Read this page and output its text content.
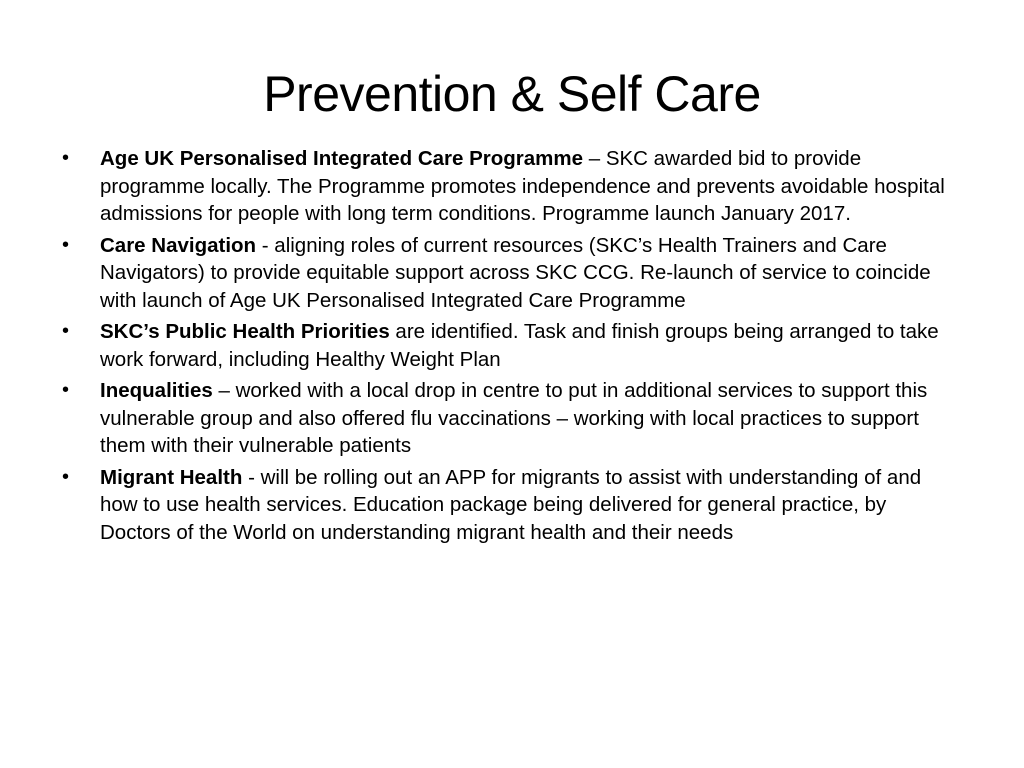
Prevention & Self Care
•	Age UK Personalised Integrated Care Programme – SKC awarded bid to provide programme locally. The Programme promotes independence and prevents avoidable hospital admissions for people with long term conditions. Programme launch January 2017.
•	Care Navigation - aligning roles of current resources (SKC’s Health Trainers and Care Navigators) to provide equitable support across SKC CCG. Re-launch of service to coincide with launch of Age UK Personalised Integrated Care Programme
•	SKC’s Public Health Priorities are identified. Task and finish groups being arranged to take work forward, including Healthy Weight Plan
•	Inequalities – worked with a local drop in centre to put in additional services to support this vulnerable group and also offered flu vaccinations – working with local practices to support them with their vulnerable patients
•	Migrant Health - will be rolling out an APP for migrants to assist with understanding of and how to use health services. Education package being delivered for general practice, by Doctors of the World on understanding migrant health and their needs
